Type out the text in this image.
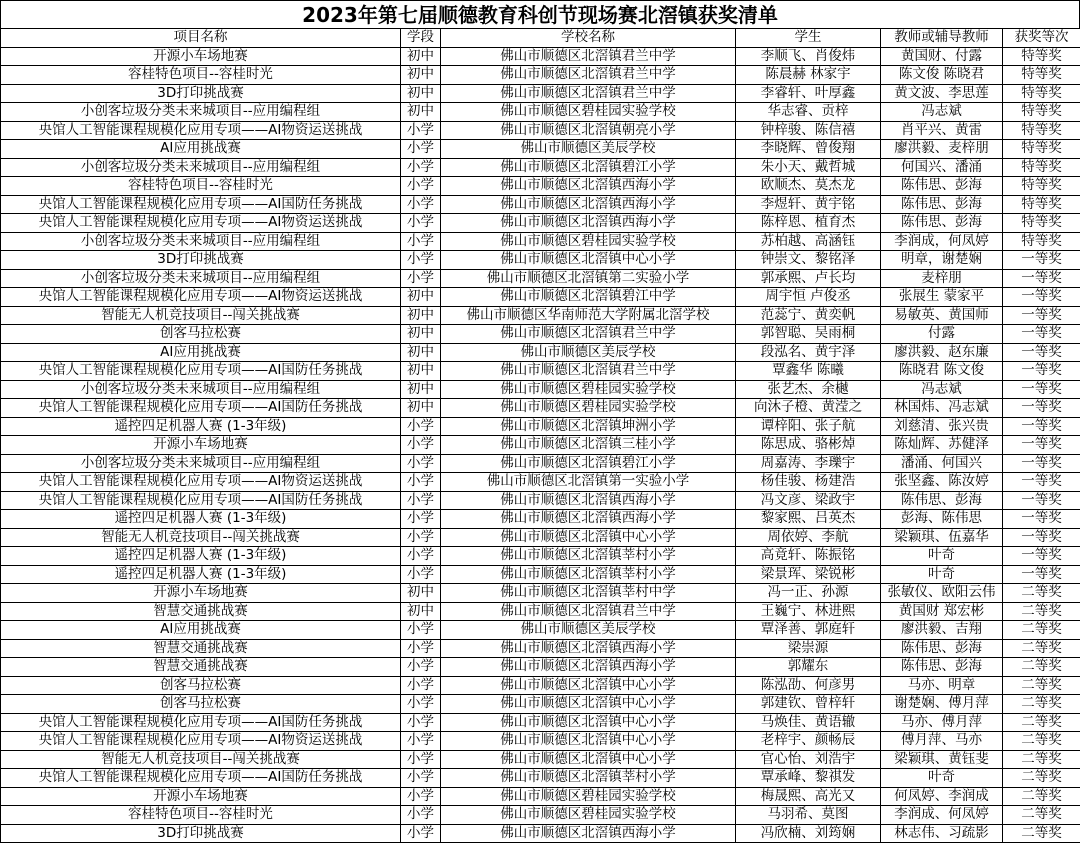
2023年第七届顺德教育科创节现场赛北滘镇获奖清单
项目名称	学段	学校名称	学生	教师或辅导教师	获奖等次
开源小车场地赛	初中	佛山市顺德区北滘镇君兰中学	李顺飞、肖俊炜	黄国财、付露	特等奖
容桂特色项目--容桂时光	初中	佛山市顺德区北滘镇君兰中学	陈晨赫 林家宇	陈文俊 陈晓君	特等奖
3D打印挑战赛	初中	佛山市顺德区北滘镇君兰中学	李睿轩、叶厚鑫	黄文波、李思莲	特等奖
小创客垃圾分类未来城项目--应用编程组	初中	佛山市顺德区碧桂园实验学校	华志睿、贡梓	冯志斌	特等奖
央馆人工智能课程规模化应用专项——AI物资运送挑战	小学	佛山市顺德区北滘镇朝亮小学	钟梓骏、陈信禧	肖平兴、黄雷	特等奖
AI应用挑战赛	小学	佛山市顺德区美辰学校	李晓辉、曾俊翔	廖洪毅、麦梓朋	特等奖
小创客垃圾分类未来城项目--应用编程组	小学	佛山市顺德区北滘镇碧江小学	朱小天、戴哲城	何国兴、潘涌	特等奖
容桂特色项目--容桂时光	小学	佛山市顺德区北滘镇西海小学	欧顺杰、莫杰龙	陈伟思、彭海	特等奖
央馆人工智能课程规模化应用专项——AI国防任务挑战	小学	佛山市顺德区北滘镇西海小学	李煜轩、黄宇铭	陈伟思、彭海	特等奖
央馆人工智能课程规模化应用专项——AI物资运送挑战	小学	佛山市顺德区北滘镇西海小学	陈梓恩、植育杰	陈伟思、彭海	特等奖
小创客垃圾分类未来城项目--应用编程组	小学	佛山市顺德区碧桂园实验学校	苏柏越、高涵钰	李润成，何凤婷	特等奖
3D打印挑战赛	小学	佛山市顺德区北滘镇中心小学	钟崇文、黎铭泽	明章，谢楚娴	一等奖
小创客垃圾分类未来城项目--应用编程组	小学	佛山市顺德区北滘镇第二实验小学	郭承熙、卢长均	麦梓朋	一等奖
央馆人工智能课程规模化应用专项——AI物资运送挑战	初中	佛山市顺德区北滘镇碧江中学	周宇恒 卢俊丞	张展生 蒙家平	一等奖
智能无人机竞技项目--闯关挑战赛	初中	佛山市顺德区华南师范大学附属北滘学校	范蕊宁、黄奕帆	易敏英、黄国师	一等奖
创客马拉松赛	初中	佛山市顺德区北滘镇君兰中学	郭智聪、吴雨桐	付露	一等奖
AI应用挑战赛	初中	佛山市顺德区美辰学校	段泓名、黄宇泽	廖洪毅、赵东廉	一等奖
央馆人工智能课程规模化应用专项——AI国防任务挑战	初中	佛山市顺德区北滘镇君兰中学	覃鑫华 陈曦	陈晓君 陈文俊	一等奖
小创客垃圾分类未来城项目--应用编程组	初中	佛山市顺德区碧桂园实验学校	张艺杰、余樾	冯志斌	一等奖
央馆人工智能课程规模化应用专项——AI国防任务挑战	初中	佛山市顺德区碧桂园实验学校	向沐子橙、黄滢之	林国炜、冯志斌	一等奖
遥控四足机器人赛 (1-3年级)	小学	佛山市顺德区北滘镇坤洲小学	谭梓阳、张子航	刘慈清、张兴贵	一等奖
开源小车场地赛	小学	佛山市顺德区北滘镇三桂小学	陈思成、骆彬焯	陈灿辉、苏健泽	一等奖
小创客垃圾分类未来城项目--应用编程组	小学	佛山市顺德区北滘镇碧江小学	周嘉涛、李瓅宇	潘涌、何国兴	一等奖
央馆人工智能课程规模化应用专项——AI物资运送挑战	小学	佛山市顺德区北滘镇第一实验小学	杨佳骏、杨建浩	张坚鑫、陈汝婷	一等奖
央馆人工智能课程规模化应用专项——AI国防任务挑战	小学	佛山市顺德区北滘镇西海小学	冯文彦、梁政宇	陈伟思、彭海	一等奖
遥控四足机器人赛 (1-3年级)	小学	佛山市顺德区北滘镇西海小学	黎家熙、吕英杰	彭海、陈伟思	一等奖
智能无人机竞技项目--闯关挑战赛	小学	佛山市顺德区北滘镇中心小学	周依婷、李航	梁颖琪、伍嘉华	一等奖
遥控四足机器人赛 (1-3年级)	小学	佛山市顺德区北滘镇莘村小学	高竟轩、陈振铭	叶奇	一等奖
遥控四足机器人赛 (1-3年级)	小学	佛山市顺德区北滘镇莘村小学	梁景珲、梁锐彬	叶奇	一等奖
开源小车场地赛	初中	佛山市顺德区北滘镇莘村中学	冯一正、孙源	张敏仪、欧阳云伟	二等奖
智慧交通挑战赛	初中	佛山市顺德区北滘镇君兰中学	王巍宁、林进熙	黄国财 郑宏彬	二等奖
AI应用挑战赛	小学	佛山市顺德区美辰学校	覃泽善、郭庭轩	廖洪毅、吉翔	二等奖
智慧交通挑战赛	小学	佛山市顺德区北滘镇西海小学	梁崇源	陈伟思、彭海	二等奖
智慧交通挑战赛	小学	佛山市顺德区北滘镇西海小学	郭耀东	陈伟思、彭海	二等奖
创客马拉松赛	小学	佛山市顺德区北滘镇中心小学	陈泓劭、何彦男	马亦、明章	二等奖
创客马拉松赛	小学	佛山市顺德区北滘镇中心小学	郭建钦、曾梓轩	谢楚娴、傅月萍	二等奖
央馆人工智能课程规模化应用专项——AI国防任务挑战	小学	佛山市顺德区北滘镇中心小学	马焕佳、黄语辙	马亦、傅月萍	二等奖
央馆人工智能课程规模化应用专项——AI物资运送挑战	小学	佛山市顺德区北滘镇中心小学	老梓宇、颜畅辰	傅月萍、马亦	二等奖
智能无人机竞技项目--闯关挑战赛	小学	佛山市顺德区北滘镇中心小学	官心怡、刘浩宇	梁颖琪、黄钰斐	二等奖
央馆人工智能课程规模化应用专项——AI国防任务挑战	小学	佛山市顺德区北滘镇莘村小学	覃承峰、黎祺发	叶奇	二等奖
开源小车场地赛	小学	佛山市顺德区碧桂园实验学校	梅晟熙、高光又	何凤婷、李润成	二等奖
容桂特色项目--容桂时光	小学	佛山市顺德区碧桂园实验学校	马羽希、莫图	李润成、何凤婷	二等奖
3D打印挑战赛	小学	佛山市顺德区北滘镇西海小学	冯欣楠、刘筠娴	林志伟、习疏影	二等奖
